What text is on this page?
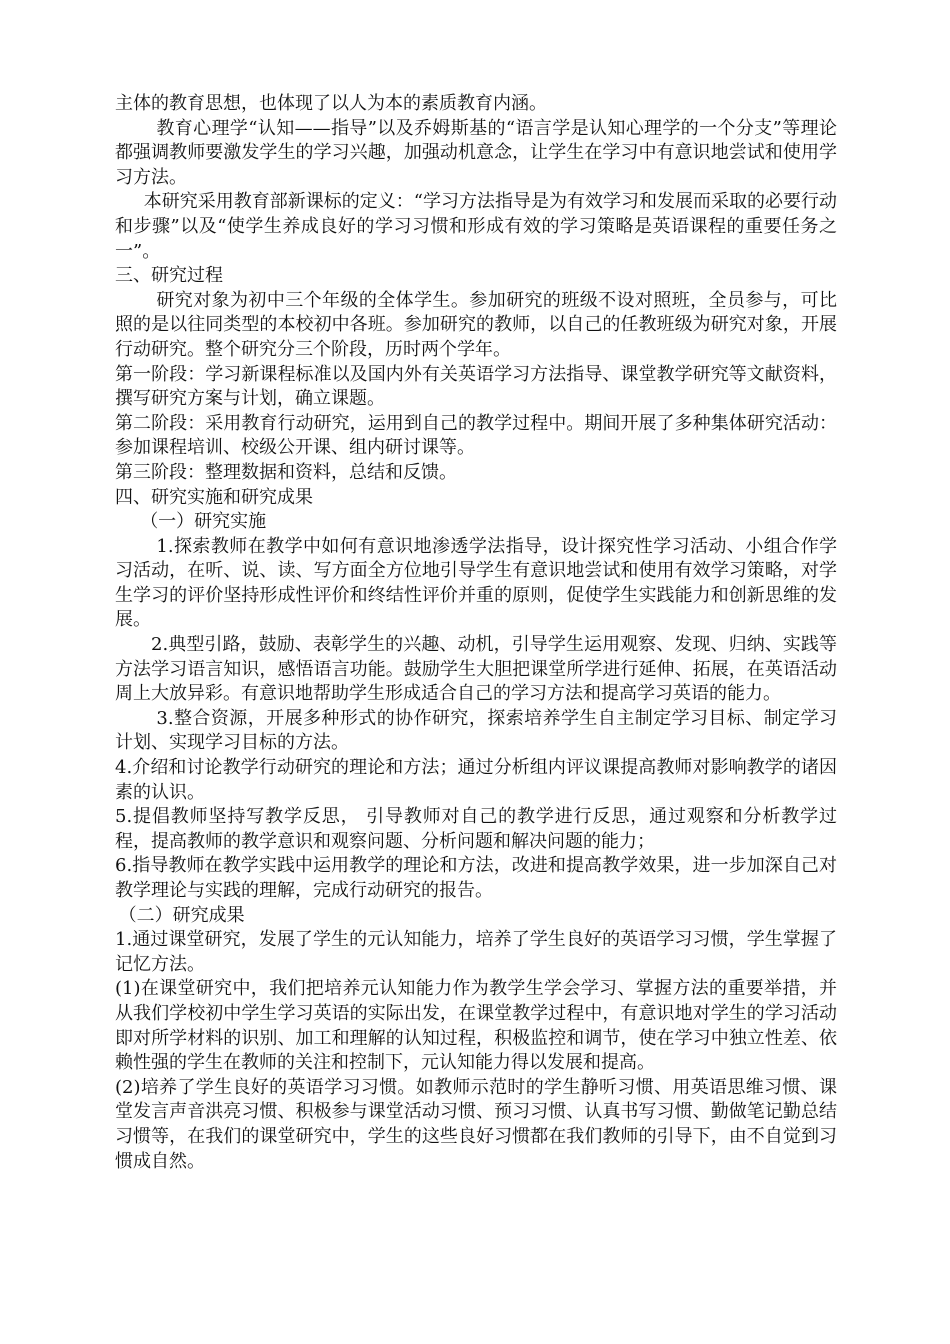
主体的教育思想，也体现了以人为本的素质教育内涵。

教育心理学“认知——指导”以及乔姆斯基的“语言学是认知心理学的一个分支”等理论都强调教师要激发学生的学习兴趣，加强动机意念，让学生在学习中有意识地尝试和使用学习方法。

本研究采用教育部新课标的定义：“学习方法指导是为有效学习和发展而采取的必要行动和步骤”以及“使学生养成良好的学习习惯和形成有效的学习策略是英语课程的重要任务之一”。

三、研究过程

研究对象为初中三个年级的全体学生。参加研究的班级不设对照班，全员参与，可比照的是以往同类型的本校初中各班。参加研究的教师，以自己的任教班级为研究对象，开展行动研究。整个研究分三个阶段，历时两个学年。

第一阶段：学习新课程标准以及国内外有关英语学习方法指导、课堂教学研究等文献资料，撰写研究方案与计划，确立课题。

第二阶段：采用教育行动研究，运用到自己的教学过程中。期间开展了多种集体研究活动：参加课程培训、校级公开课、组内研讨课等。

第三阶段：整理数据和资料，总结和反馈。

四、研究实施和研究成果

（一）研究实施

1.探索教师在教学中如何有意识地渗透学法指导，设计探究性学习活动、小组合作学习活动，在听、说、读、写方面全方位地引导学生有意识地尝试和使用有效学习策略，对学生学习的评价坚持形成性评价和终结性评价并重的原则，促使学生实践能力和创新思维的发展。

2.典型引路，鼓励、表彰学生的兴趣、动机，引导学生运用观察、发现、归纳、实践等方法学习语言知识，感悟语言功能。鼓励学生大胆把课堂所学进行延伸、拓展，在英语活动周上大放异彩。有意识地帮助学生形成适合自己的学习方法和提高学习英语的能力。

3.整合资源，开展多种形式的协作研究，探索培养学生自主制定学习目标、制定学习计划、实现学习目标的方法。

4.介绍和讨论教学行动研究的理论和方法；通过分析组内评议课提高教师对影响教学的诸因素的认识。

5.提倡教师坚持写教学反思， 引导教师对自己的教学进行反思，通过观察和分析教学过程，提高教师的教学意识和观察问题、分析问题和解决问题的能力；

6.指导教师在教学实践中运用教学的理论和方法，改进和提高教学效果，进一步加深自己对教学理论与实践的理解，完成行动研究的报告。

（二）研究成果

1.通过课堂研究，发展了学生的元认知能力，培养了学生良好的英语学习习惯，学生掌握了记忆方法。

(1)在课堂研究中，我们把培养元认知能力作为教学生学会学习、掌握方法的重要举措，并从我们学校初中学生学习英语的实际出发，在课堂教学过程中，有意识地对学生的学习活动即对所学材料的识别、加工和理解的认知过程，积极监控和调节，使在学习中独立性差、依赖性强的学生在教师的关注和控制下，元认知能力得以发展和提高。

(2)培养了学生良好的英语学习习惯。如教师示范时的学生静听习惯、用英语思维习惯、课堂发言声音洪亮习惯、积极参与课堂活动习惯、预习习惯、认真书写习惯、勤做笔记勤总结习惯等，在我们的课堂研究中，学生的这些良好习惯都在我们教师的引导下，由不自觉到习惯成自然。
